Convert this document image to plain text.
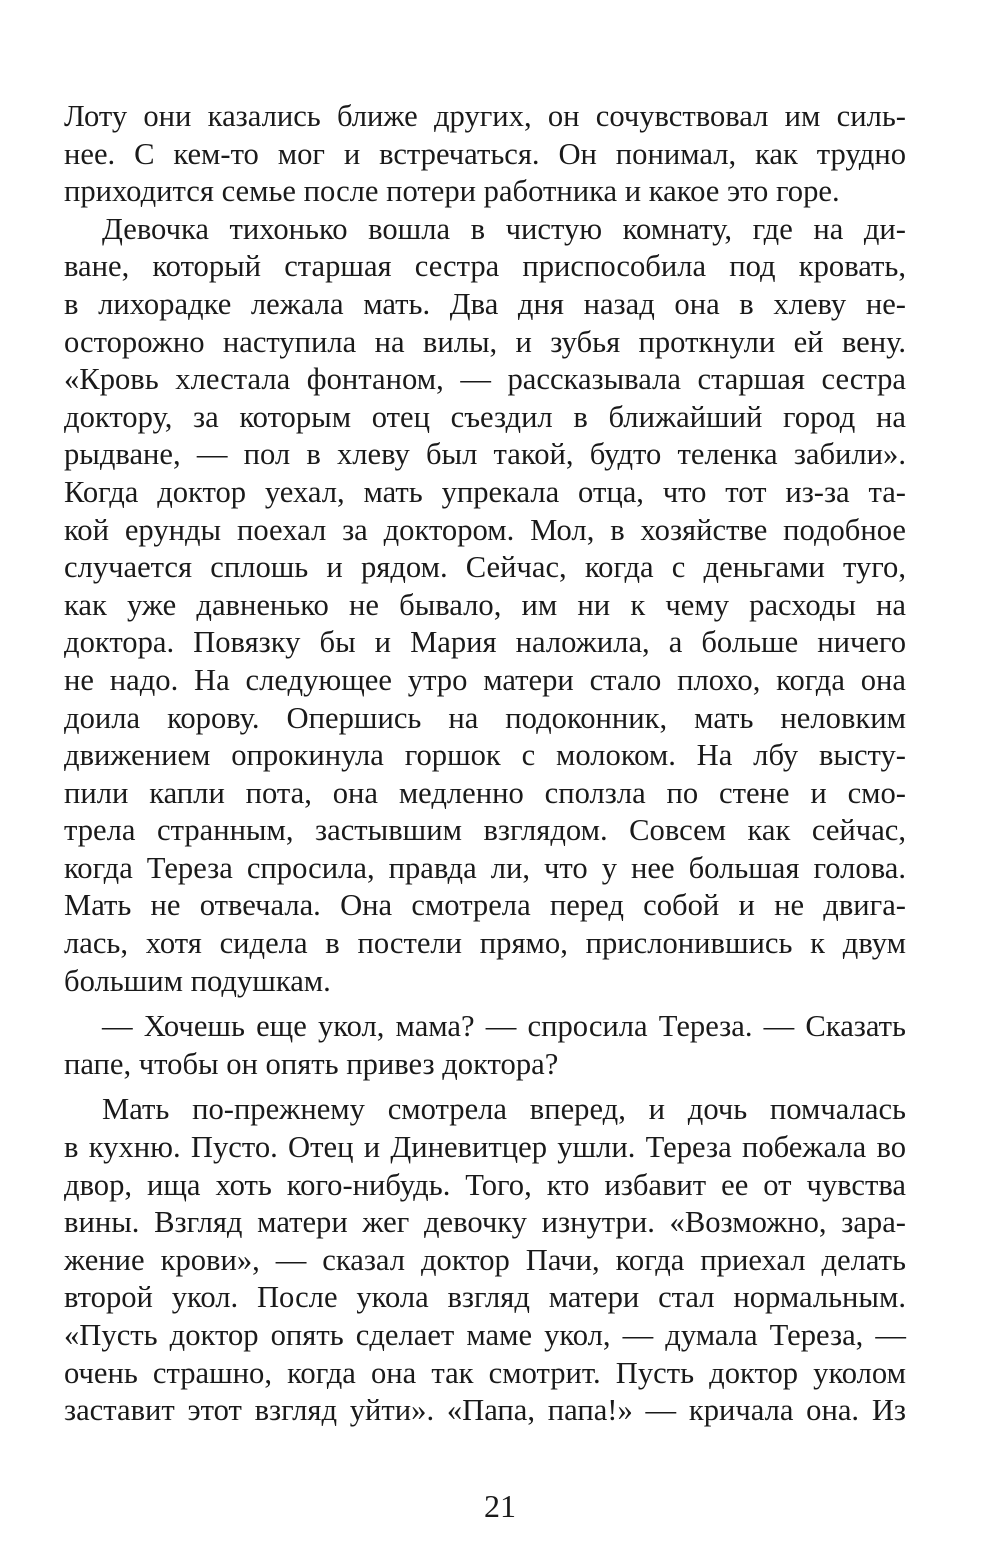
Лоту они казались ближе других, он сочувствовал им силь-
нее. С кем-то мог и встречаться. Он понимал, как трудно
приходится семье после потери работника и какое это горе.
Девочка тихонько вошла в чистую комнату, где на ди-
ване, который старшая сестра приспособила под кровать,
в лихорадке лежала мать. Два дня назад она в хлеву не-
осторожно наступила на вилы, и зубья проткнули ей вену.
«Кровь хлестала фонтаном, — рассказывала старшая сестра
доктору, за которым отец съездил в ближайший город на
рыдване, — пол в хлеву был такой, будто теленка забили».
Когда доктор уехал, мать упрекала отца, что тот из-за та-
кой ерунды поехал за доктором. Мол, в хозяйстве подобное
случается сплошь и рядом. Сейчас, когда с деньгами туго,
как уже давненько не бывало, им ни к чему расходы на
доктора. Повязку бы и Мария наложила, а больше ничего
не надо. На следующее утро матери стало плохо, когда она
доила корову. Опершись на подоконник, мать неловким
движением опрокинула горшок с молоком. На лбу высту-
пили капли пота, она медленно сползла по стене и смо-
трела странным, застывшим взглядом. Совсем как сейчас,
когда Тереза спросила, правда ли, что у нее большая голова.
Мать не отвечала. Она смотрела перед собой и не двига-
лась, хотя сидела в постели прямо, прислонившись к двум
большим подушкам.
— Хочешь еще укол, мама? — спросила Тереза. — Сказать
папе, чтобы он опять привез доктора?
Мать по-прежнему смотрела вперед, и дочь помчалась
в кухню. Пусто. Отец и Диневитцер ушли. Тереза побежала во
двор, ища хоть кого-нибудь. Того, кто избавит ее от чувства
вины. Взгляд матери жег девочку изнутри. «Возможно, зара-
жение крови», — сказал доктор Пачи, когда приехал делать
второй укол. После укола взгляд матери стал нормальным.
«Пусть доктор опять сделает маме укол, — думала Тереза, —
очень страшно, когда она так смотрит. Пусть доктор уколом
заставит этот взгляд уйти». «Папа, папа!» — кричала она. Из
21
